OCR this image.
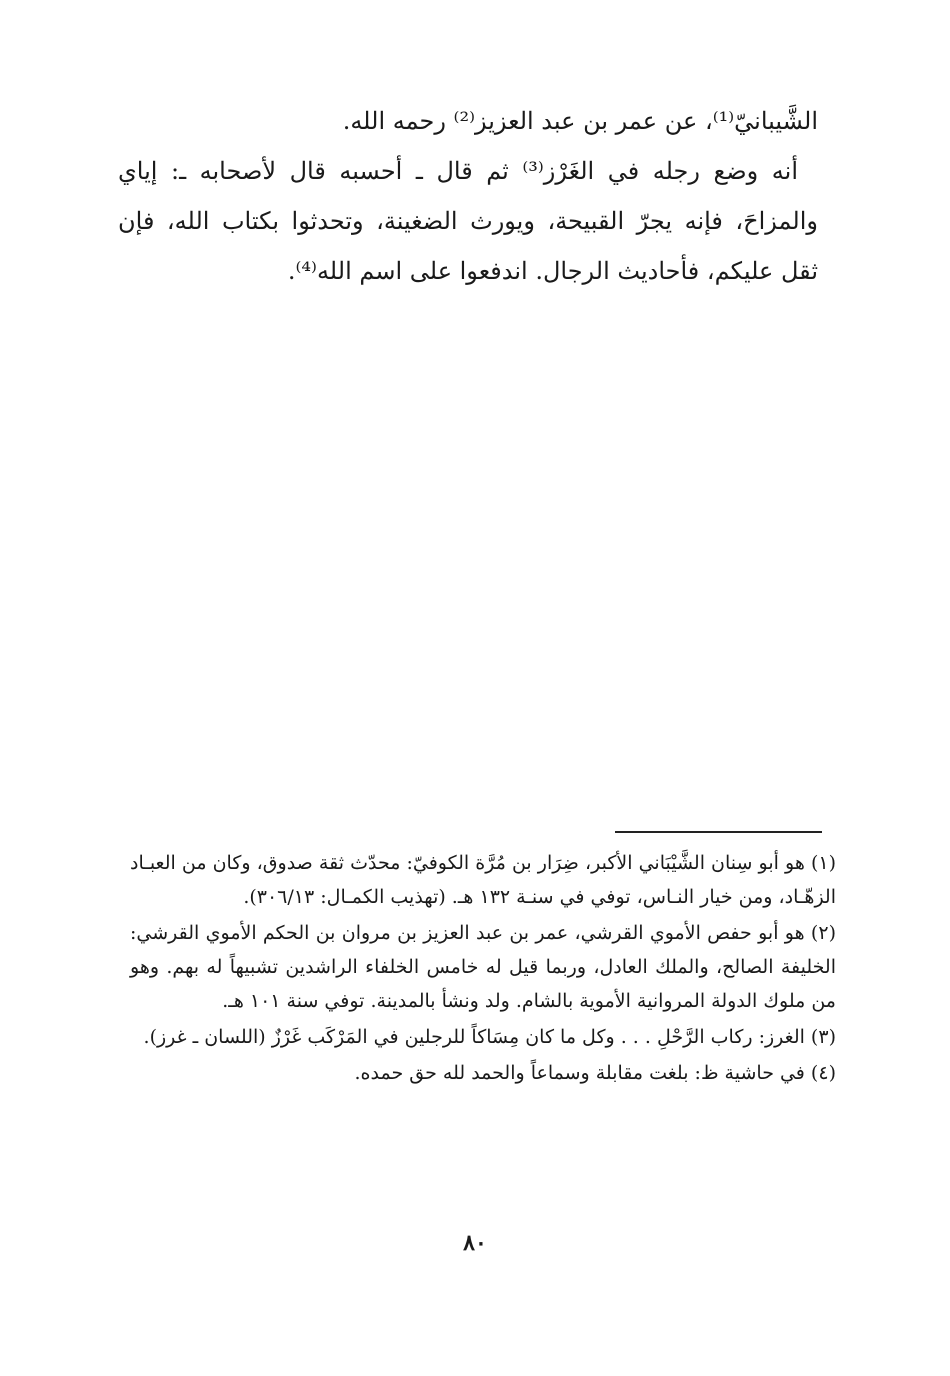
الشَّيبانيّ⁽¹⁾، عن عمر بن عبد العزيز⁽²⁾ رحمه الله.

أنه وضع رجله في الغَرْز⁽³⁾ ثم قال ـ أحسبه قال لأصحابه ـ: إياي والمزاحَ، فإنه يجرّ القبيحة، ويورث الضغينة، وتحدثوا بكتاب الله، فإن ثقل عليكم، فأحاديث الرجال. اندفعوا على اسم الله⁽⁴⁾.

(١) هو أبو سِنان الشَّيْبَاني الأكبر، ضِرَار بن مُرَّة الكوفيّ: محدّث ثقة صدوق، وكان من العبـاد الزهّـاد، ومن خيار النـاس، توفي في سنـة ١٣٢ هـ. (تهذيب الكمـال: ٣٠٦/١٣).

(٢) هو أبو حفص الأموي القرشي، عمر بن عبد العزيز بن مروان بن الحكم الأموي القرشي: الخليفة الصالح، والملك العادل، وربما قيل له خامس الخلفاء الراشدين تشبيهاً له بهم. وهو من ملوك الدولة المروانية الأموية بالشام. ولد ونشأ بالمدينة. توفي سنة ١٠١ هـ.

(٣) الغرز: ركاب الرَّحْلِ . . . وكل ما كان مِسَاكاً للرجلين في المَرْكَب غَرْزٌ (اللسان ـ غرز).

(٤) في حاشية ظ: بلغت مقابلة وسماعاً والحمد لله حق حمده.

٨٠
